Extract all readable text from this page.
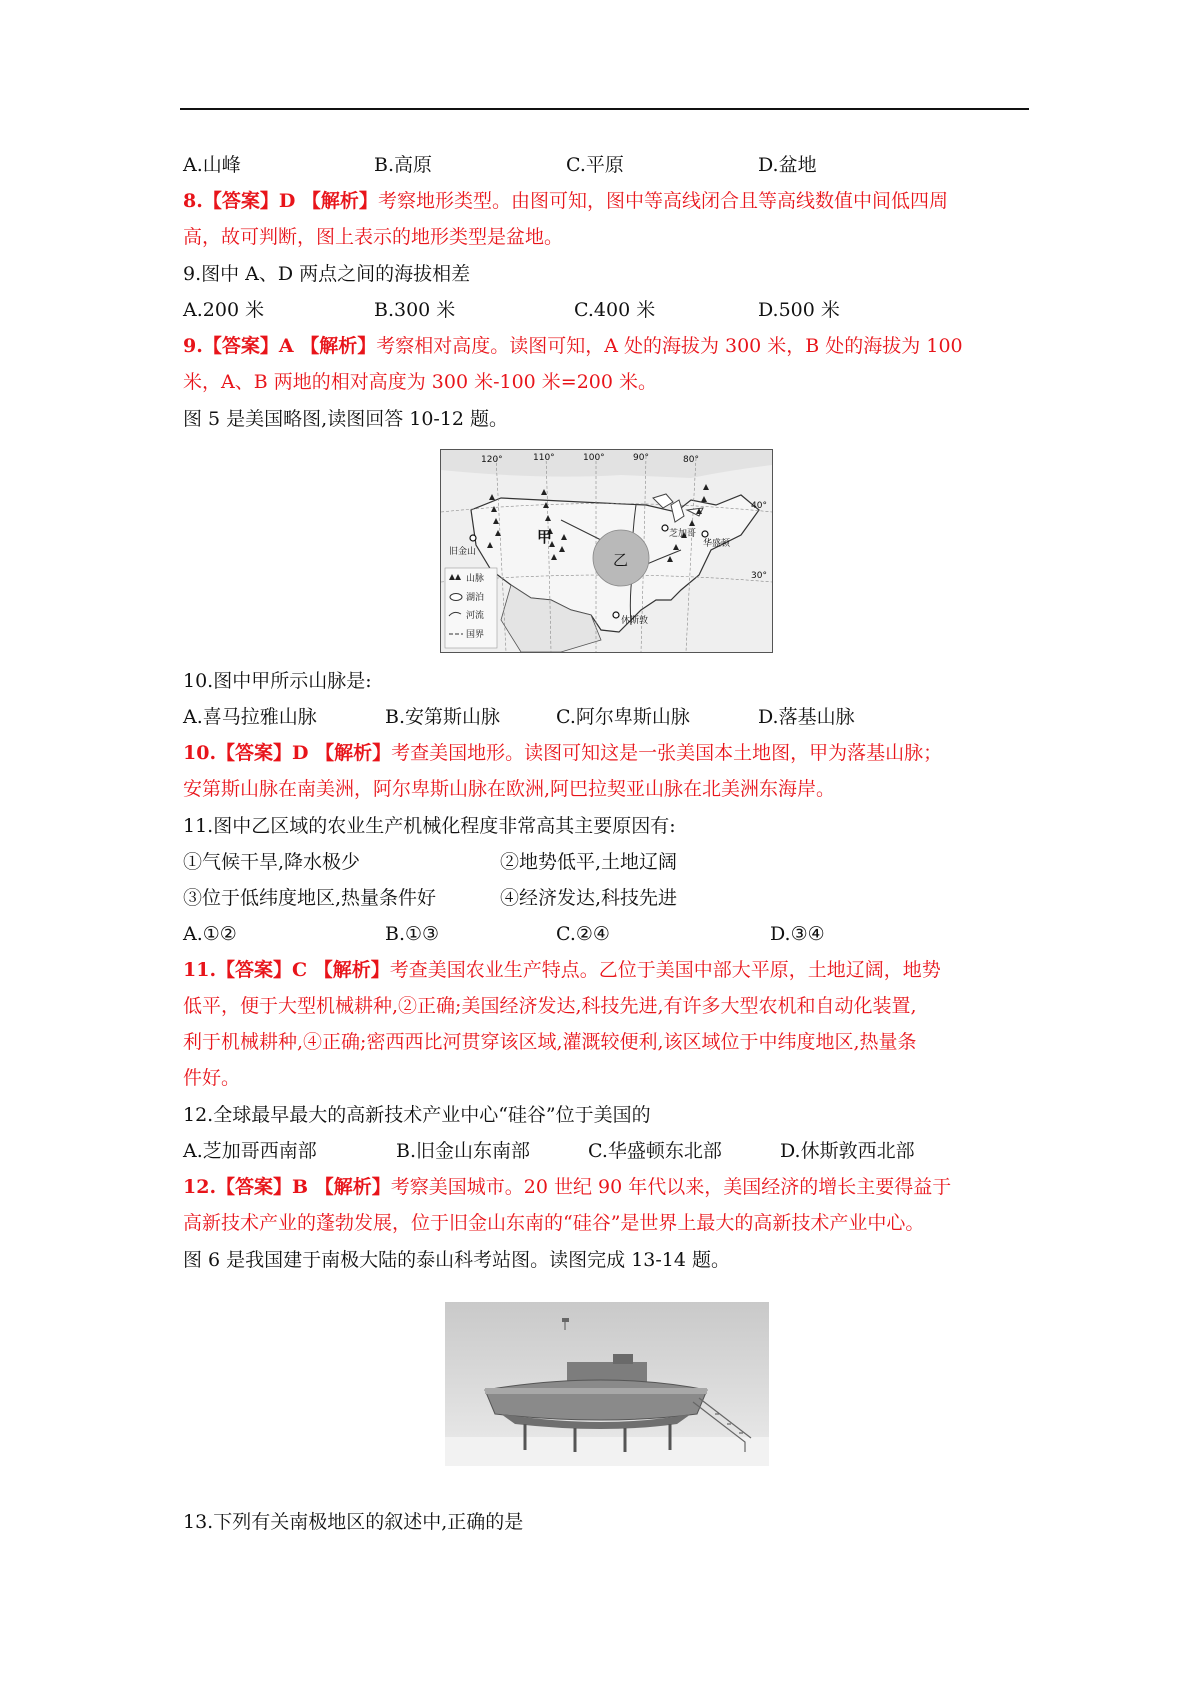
A.山峰	B.高原	C.平原	D.盆地
8.【答案】D 【解析】考察地形类型。由图可知，图中等高线闭合且等高线数值中间低四周
高，故可判断，图上表示的地形类型是盆地。
9.图中 A、D 两点之间的海拔相差
A.200 米	B.300 米	C.400 米	D.500 米
9.【答案】A 【解析】考察相对高度。读图可知，A 处的海拔为 300 米，B 处的海拔为 100
米，A、B 两地的相对高度为 300 米-100 米=200 米。
图 5 是美国略图,读图回答 10-12 题。
乙
甲
120°	110°	100°	90°	80°
40°
30°
旧金山
芝加哥
华盛顿
休斯敦
山脉
湖泊
河流
国界
10.图中甲所示山脉是:
A.喜马拉雅山脉	B.安第斯山脉	C.阿尔卑斯山脉	D.落基山脉
10.【答案】D 【解析】考查美国地形。读图可知这是一张美国本土地图，甲为落基山脉；
安第斯山脉在南美洲，阿尔卑斯山脉在欧洲,阿巴拉契亚山脉在北美洲东海岸。
11.图中乙区域的农业生产机械化程度非常高其主要原因有:
①气候干旱,降水极少	②地势低平,土地辽阔
③位于低纬度地区,热量条件好	④经济发达,科技先进
A.①②	B.①③	C.②④	D.③④
11.【答案】C 【解析】考查美国农业生产特点。乙位于美国中部大平原，土地辽阔，地势
低平，便于大型机械耕种,②正确;美国经济发达,科技先进,有许多大型农机和自动化装置,
利于机械耕种,④正确;密西西比河贯穿该区域,灌溉较便利,该区域位于中纬度地区,热量条
件好。
12.全球最早最大的高新技术产业中心“硅谷”位于美国的
A.芝加哥西南部	B.旧金山东南部	C.华盛顿东北部	D.休斯敦西北部
12.【答案】B 【解析】考察美国城市。20 世纪 90 年代以来，美国经济的增长主要得益于
高新技术产业的蓬勃发展，位于旧金山东南的“硅谷”是世界上最大的高新技术产业中心。
图 6 是我国建于南极大陆的泰山科考站图。读图完成 13-14 题。
13.下列有关南极地区的叙述中,正确的是
